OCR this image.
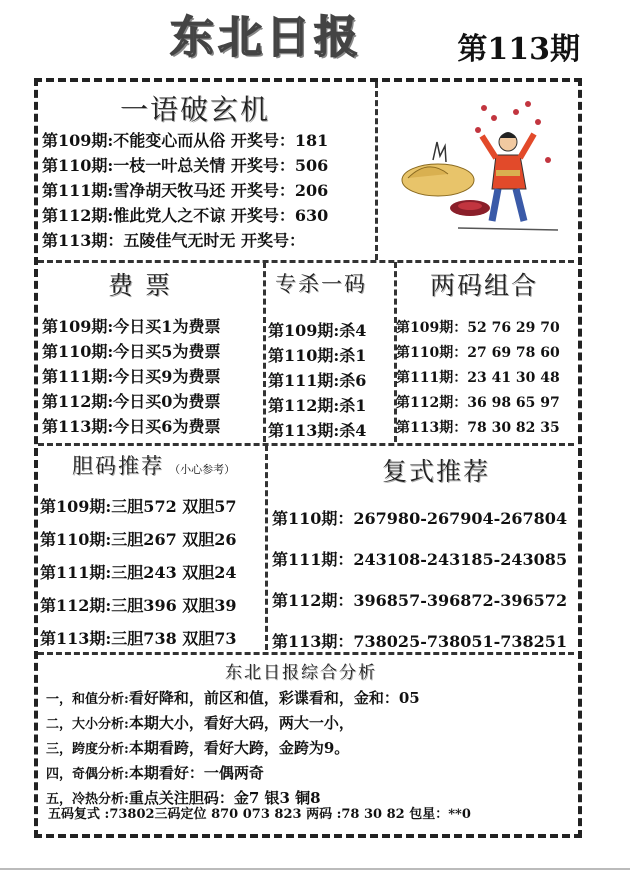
东北日报	第113期
一语破玄机
第109期:不能变心而从俗 开奖号：181
第110期:一枝一叶总关情 开奖号：506
第111期:雪净胡天牧马还 开奖号：206
第112期:惟此党人之不谅 开奖号：630
第113期：五陵佳气无时无 开奖号：
费 票
第109期:今日买1为费票
第110期:今日买5为费票
第111期:今日买9为费票
第112期:今日买0为费票
第113期:今日买6为费票
专杀一码
第109期:杀4
第110期:杀1
第111期:杀6
第112期:杀1
第113期:杀4
两码组合
第109期：52 76 29 70
第110期：27 69 78 60
第111期：23 41 30 48
第112期：36 98 65 97
第113期：78 30 82 35
胆码推荐 （小心参考）
第109期:三胆572 双胆57
第110期:三胆267 双胆26
第111期:三胆243 双胆24
第112期:三胆396 双胆39
第113期:三胆738 双胆73
复式推荐
第110期：267980-267904-267804
第111期：243108-243185-243085
第112期：396857-396872-396572
第113期：738025-738051-738251
东北日报综合分析
一，和值分析:看好降和，前区和值，彩谍看和，金和：05
二，大小分析:本期大小，看好大码，两大一小，
三，跨度分析:本期看跨，看好大跨，金跨为9。
四，奇偶分析:本期看好：一偶两奇
五，冷热分析:重点关注胆码：金7 银3 铜8
五码复式 :73802三码定位 870 073 823 两码 :78 30 82 包星：**0
